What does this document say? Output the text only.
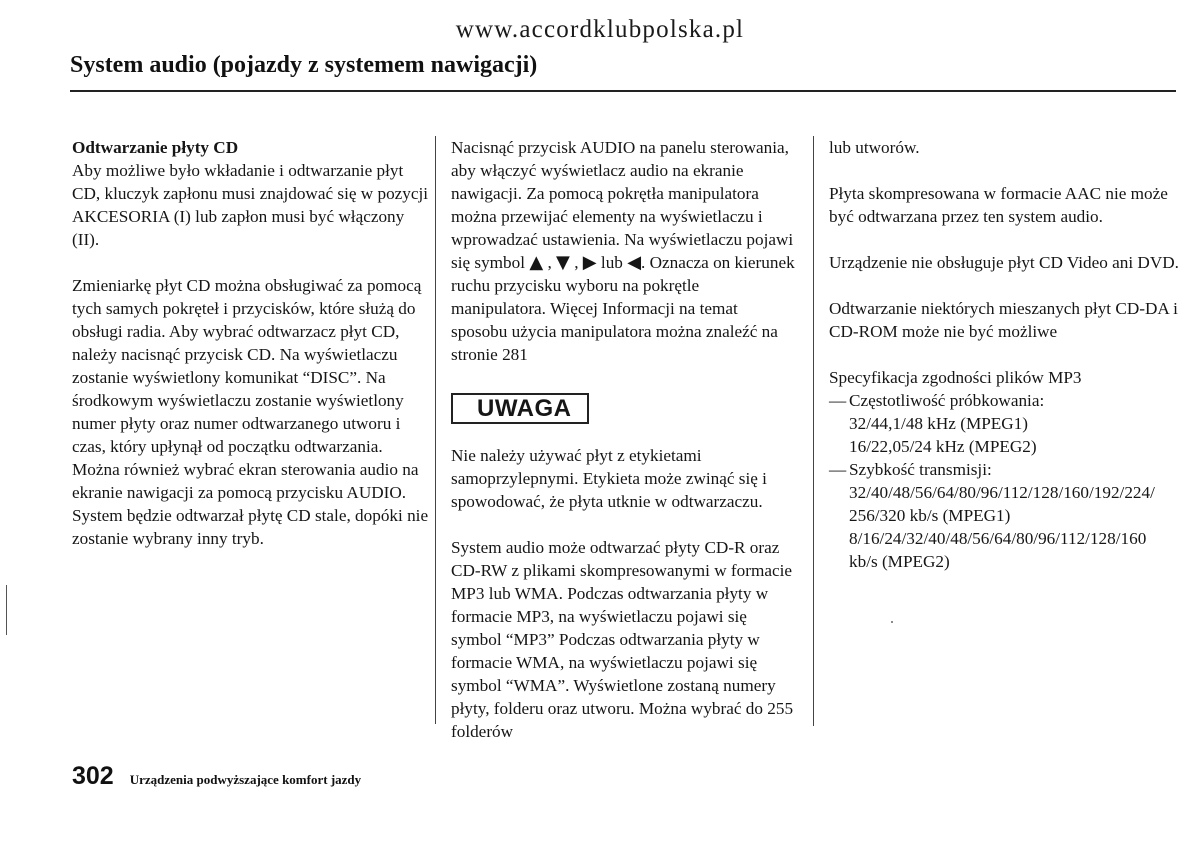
www.accordklubpolska.pl
System audio (pojazdy z systemem nawigacji)
Odtwarzanie płyty CD

Aby możliwe było wkładanie i odtwarzanie płyt CD, kluczyk zapłonu musi znajdować się w pozycji AKCESORIA (I) lub zapłon musi być włączony (II).

Zmieniarkę płyt CD można obsługiwać za pomocą tych samych pokręteł i przycisków, które służą do obsługi radia. Aby wybrać odtwarzacz płyt CD, należy nacisnąć przycisk CD. Na wyświetlaczu zostanie wyświetlony komunikat “DISC”. Na środkowym wyświetlaczu zostanie wyświetlony numer płyty oraz numer odtwarzanego utworu i czas, który upłynął od początku odtwarzania. Można również wybrać ekran sterowania audio na ekranie nawigacji za pomocą przycisku AUDIO. System będzie odtwarzał płytę CD stale, dopóki nie zostanie wybrany inny tryb.

Nacisnąć przycisk AUDIO na panelu sterowania, aby włączyć wyświetlacz audio na ekranie nawigacji. Za pomocą pokrętła manipulatora można przewijać elementy na wyświetlaczu i wprowadzać ustawienia. Na wyświetlaczu pojawi się symbol ▲ , ▼ , ▶ lub ◀. Oznacza on kierunek ruchu przycisku wyboru na pokrętle manipulatora. Więcej Informacji na temat sposobu użycia manipulatora można znaleźć na stronie 281

UWAGA

Nie należy używać płyt z etykietami samoprzylepnymi. Etykieta może zwinąć się i spowodować, że płyta utknie w odtwarzaczu.

System audio może odtwarzać płyty CD-R oraz CD-RW z plikami skompresowanymi w formacie MP3 lub WMA. Podczas odtwarzania płyty w formacie MP3, na wyświetlaczu pojawi się symbol “MP3” Podczas odtwarzania płyty w formacie WMA, na wyświetlaczu pojawi się symbol “WMA”. Wyświetlone zostaną numery płyty, folderu oraz utworu. Można wybrać do 255 folderów

lub utworów.

Płyta skompresowana w formacie AAC nie może być odtwarzana przez ten system audio.

Urządzenie nie obsługuje płyt CD Video ani DVD.

Odtwarzanie niektórych mieszanych płyt CD-DA i CD-ROM może nie być możliwe

Specyfikacja zgodności plików MP3
— Częstotliwość próbkowania:
32/44,1/48 kHz (MPEG1)
16/22,05/24 kHz (MPEG2)
— Szybkość transmisji:
32/40/48/56/64/80/96/112/128/160/192/224/
256/320 kb/s (MPEG1)
8/16/24/32/40/48/56/64/80/96/112/128/160
kb/s (MPEG2)
302 Urządzenia podwyższające komfort jazdy
